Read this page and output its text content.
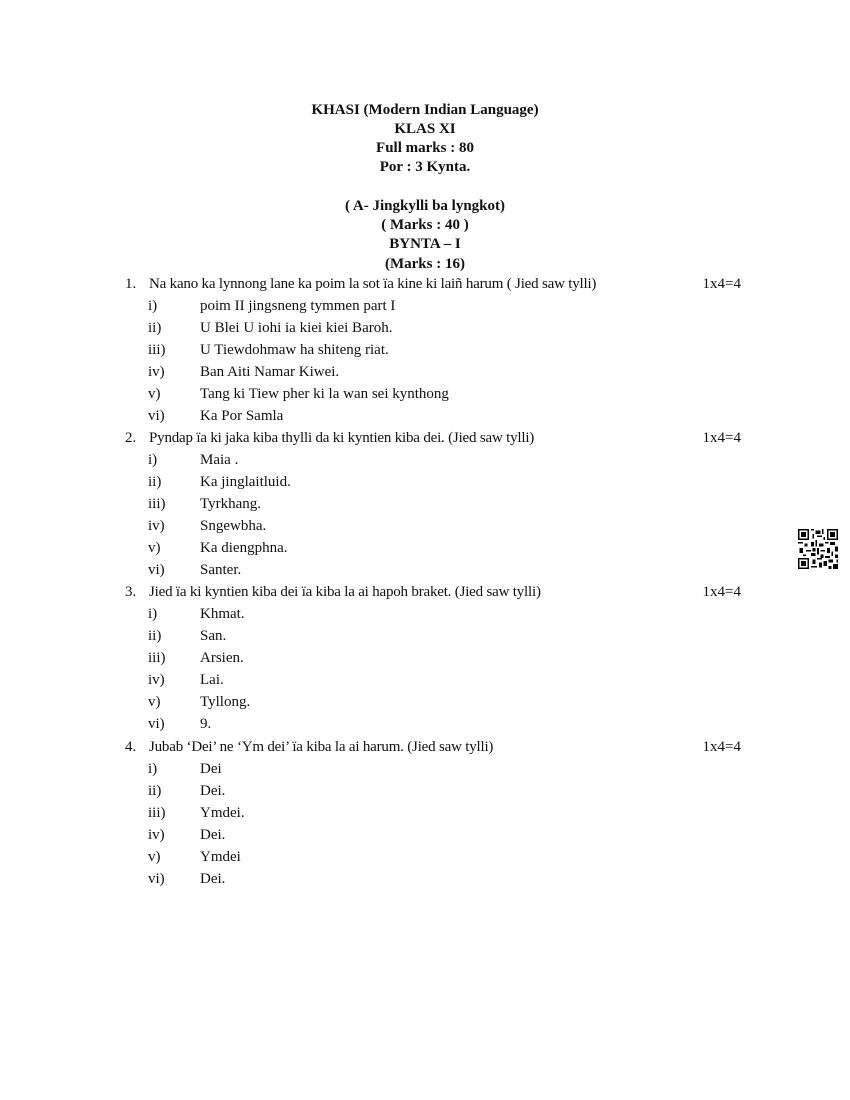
KHASI (Modern Indian Language)
KLAS XI
Full marks : 80
Por : 3 Kynta.
( A- Jingkylli ba lyngkot)
( Marks : 40 )
BYNTA – I
(Marks : 16)
1. Na kano ka lynnong lane ka poim la sot ïa kine ki laiñ harum ( Jied saw tylli)	1x4=4
i)	poim II jingsneng tymmen part I
ii)	U Blei U iohi ia kiei kiei Baroh.
iii) U Tiewdohmaw ha shiteng riat.
iv) Ban Aiti Namar Kiwei.
v)	Tang ki Tiew pher ki la wan sei kynthong
vi) Ka Por Samla
2. Pyndap ïa ki jaka kiba thylli da ki kyntien kiba dei. (Jied saw tylli)	1x4=4
i)	Maia .
ii)	Ka jinglaitluid.
iii) Tyrkhang.
iv) Sngewbha.
v)	Ka diengphna.
vi) Santer.
3. Jied ïa ki kyntien kiba dei ïa kiba la ai hapoh braket. (Jied saw tylli)	1x4=4
i)	Khmat.
ii)	San.
iii) Arsien.
iv) Lai.
v)	Tyllong.
vi) 9.
4. Jubab ‘Dei’ ne ‘Ym dei’ ïa kiba la ai harum. (Jied saw tylli)	1x4=4
i)	Dei
ii)	Dei.
iii) Ymdei.
iv) Dei.
v)	Ymdei
vi) Dei.
